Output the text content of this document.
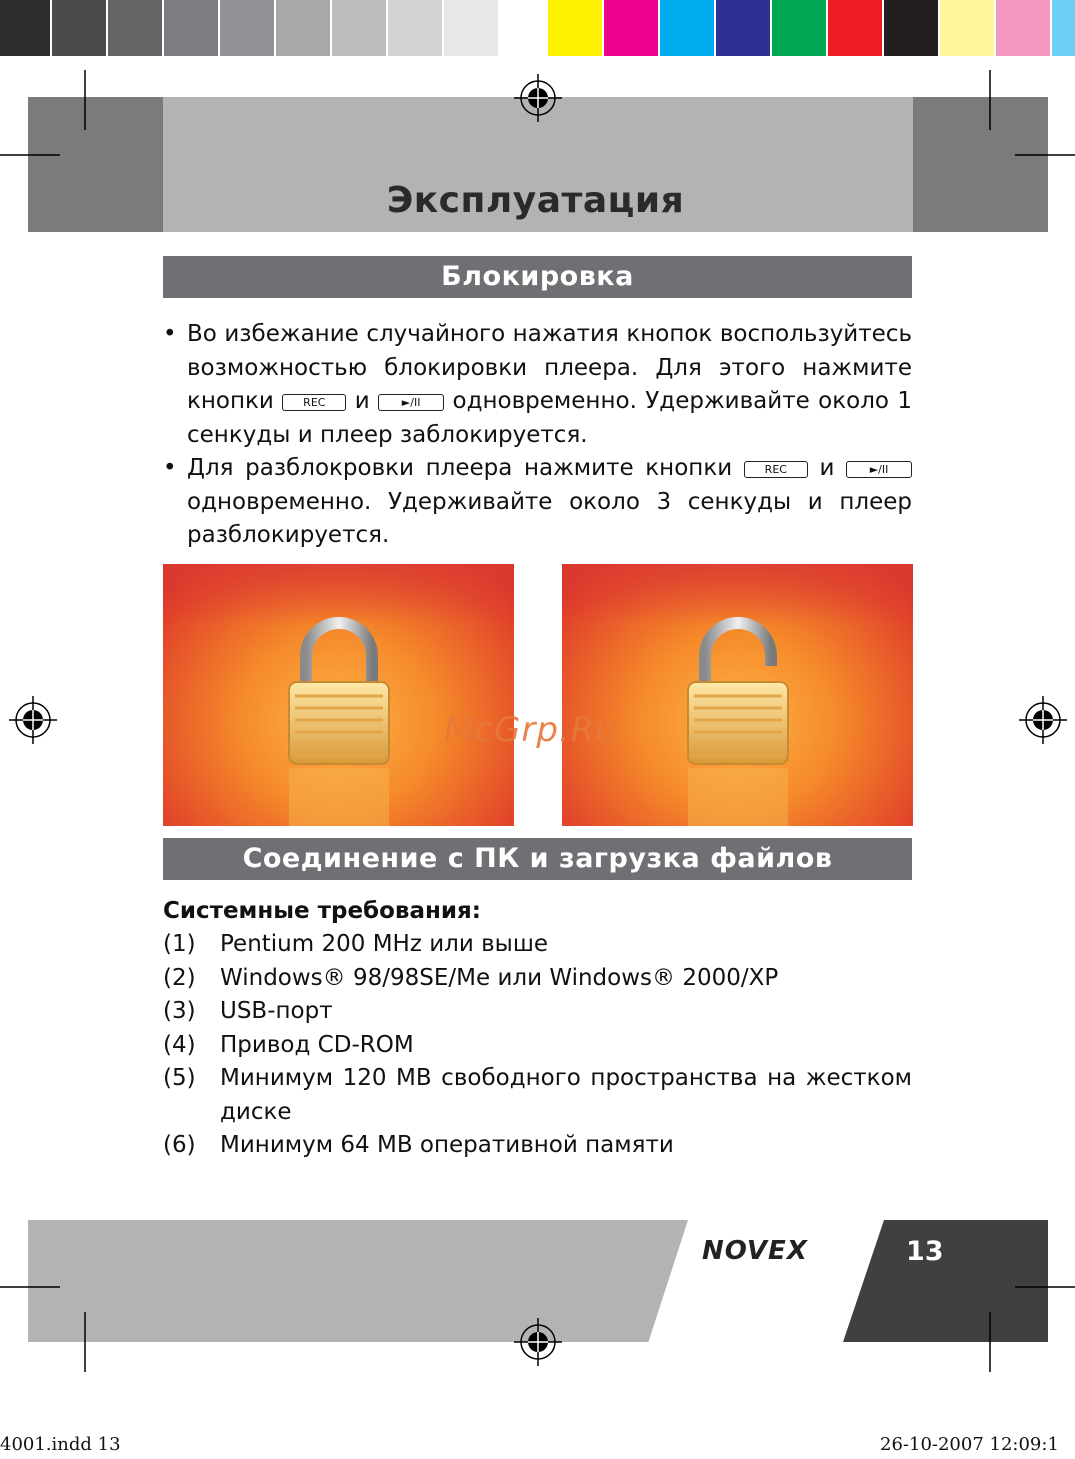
Эксплуатация
Блокировка
• Во избежание случайного нажатия кнопок воспользуйтесь возможностью блокировки плеера. Для этого нажмите кнопки	REC и	►/II одновременно. Удерживайте около 1 сенкуды и плеер заблокируется.
• Для разблокровки плеера нажмите кнопки	REC и	►/II одновременно. Удерживайте около 3 сенкуды и плеер разблокируется.
McGrp.Ru
Соединение с ПК и загрузка файлов
Системные требования:
(1)	Pentium 200 MHz или выше
(2)	Windows® 98/98SE/Me или Windows® 2000/XP
(3)	USB-порт
(4)	Привод CD-ROM
(5)	Минимум 120 MB свободного пространства на жестком диске
(6)	Минимум 64 MB оперативной памяти
NOVEX	13
4001.indd 13	26-10-2007 12:09:1
